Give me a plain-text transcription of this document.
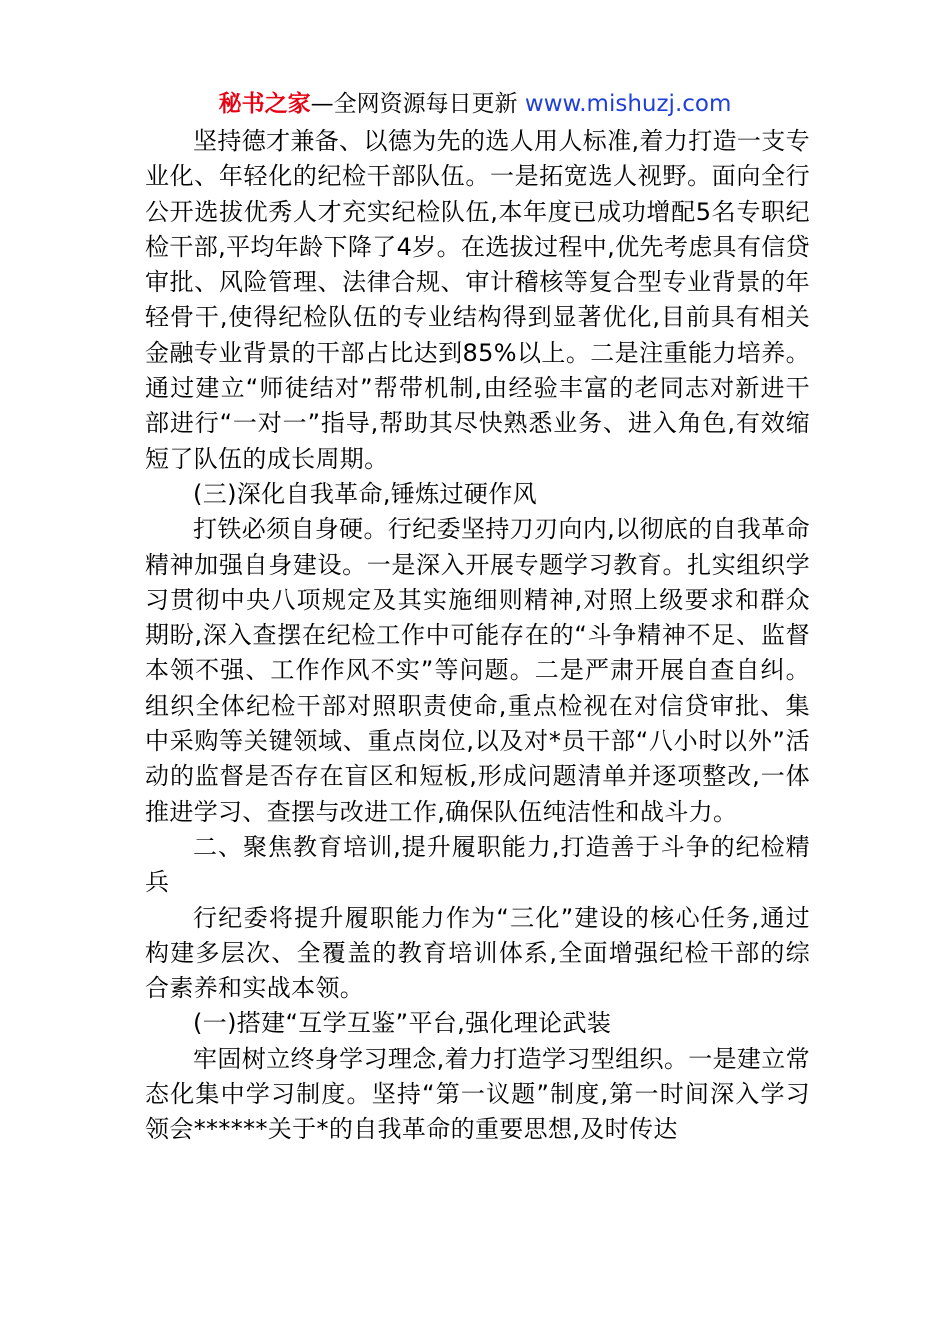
秘书之家—全网资源每日更新 www.mishuzj.com

坚持德才兼备、以德为先的选人用人标准,着力打造一支专业化、年轻化的纪检干部队伍。一是拓宽选人视野。面向全行公开选拔优秀人才充实纪检队伍,本年度已成功增配5名专职纪检干部,平均年龄下降了4岁。在选拔过程中,优先考虑具有信贷审批、风险管理、法律合规、审计稽核等复合型专业背景的年轻骨干,使得纪检队伍的专业结构得到显著优化,目前具有相关金融专业背景的干部占比达到85%以上。二是注重能力培养。通过建立“师徒结对”帮带机制,由经验丰富的老同志对新进干部进行“一对一”指导,帮助其尽快熟悉业务、进入角色,有效缩短了队伍的成长周期。

(三)深化自我革命,锤炼过硬作风

打铁必须自身硬。行纪委坚持刀刃向内,以彻底的自我革命精神加强自身建设。一是深入开展专题学习教育。扎实组织学习贯彻中央八项规定及其实施细则精神,对照上级要求和群众期盼,深入查摆在纪检工作中可能存在的“斗争精神不足、监督本领不强、工作作风不实”等问题。二是严肃开展自查自纠。组织全体纪检干部对照职责使命,重点检视在对信贷审批、集中采购等关键领域、重点岗位,以及对*员干部“八小时以外”活动的监督是否存在盲区和短板,形成问题清单并逐项整改,一体推进学习、查摆与改进工作,确保队伍纯洁性和战斗力。

二、聚焦教育培训,提升履职能力,打造善于斗争的纪检精兵

行纪委将提升履职能力作为“三化”建设的核心任务,通过构建多层次、全覆盖的教育培训体系,全面增强纪检干部的综合素养和实战本领。

(一)搭建“互学互鉴”平台,强化理论武装

牢固树立终身学习理念,着力打造学习型组织。一是建立常态化集中学习制度。坚持“第一议题”制度,第一时间深入学习领会******关于*的自我革命的重要思想,及时传达
